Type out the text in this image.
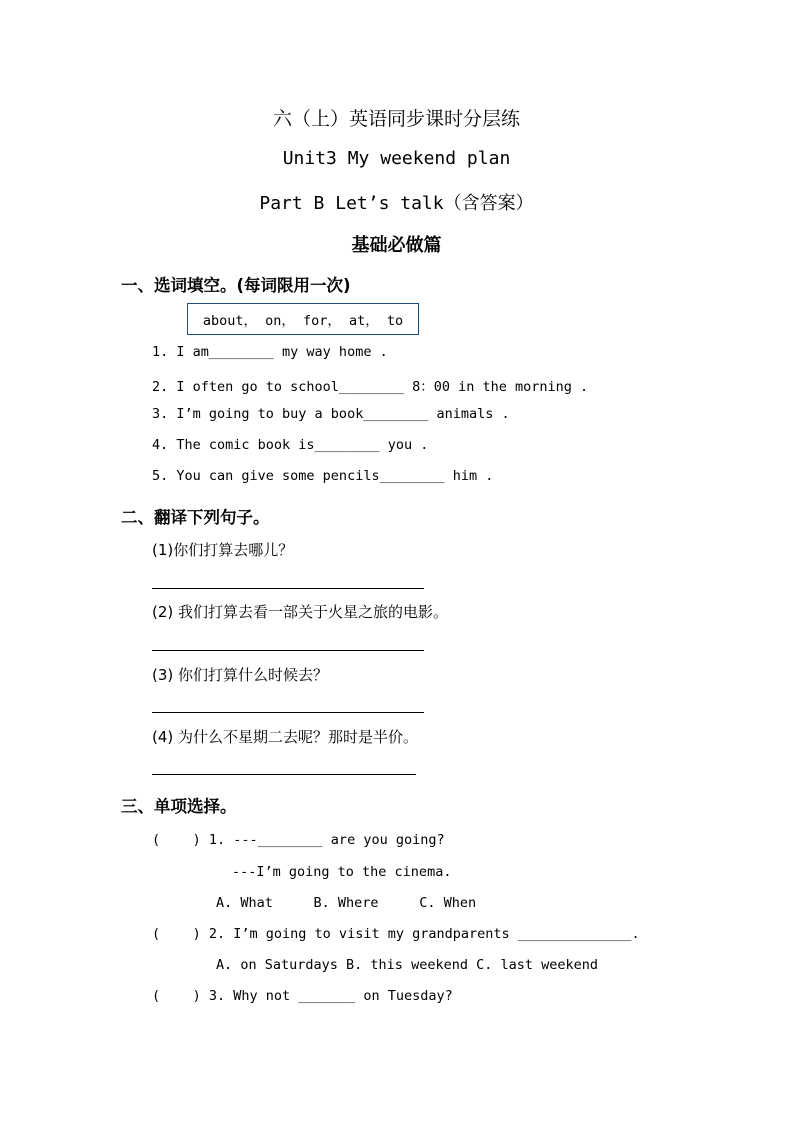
六（上）英语同步课时分层练
Unit3 My weekend plan
Part B Let’s talk（含答案）
基础必做篇
一、选词填空。(每词限用一次)
about， on， for， at， to
1. I am________ my way home .
2. I often go to school________ 8：00 in the morning .
3. I’m going to buy a book________ animals .
4. The comic book is________ you .
5. You can give some pencils________ him .
二、翻译下列句子。
(1)你们打算去哪儿？
(2) 我们打算去看一部关于火星之旅的电影。
(3) 你们打算什么时候去？
(4) 为什么不星期二去呢？那时是半价。
三、单项选择。
(    ) 1. ---________ are you going?
---I’m going to the cinema.
A. What     B. Where     C. When
(    ) 2. I’m going to visit my grandparents ______________.
A. on Saturdays B. this weekend C. last weekend
(    ) 3. Why not _______ on Tuesday?
